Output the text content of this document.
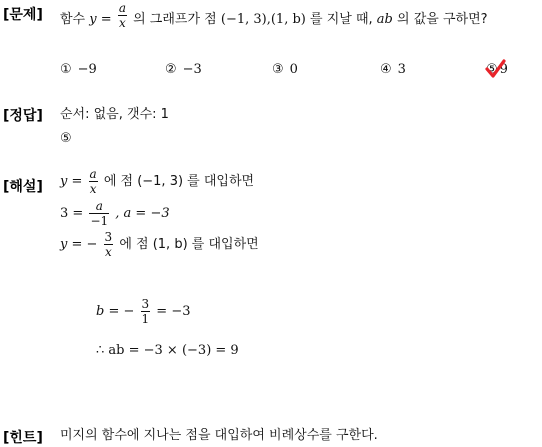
[문제] 함수 $y = \frac{a}{x}$ 의 그래프가 점 (−1, 3),(1, b) 를 지날 때, ab 의 값을 구하면?
① −9	② −3	③ 0	④ 3	⑤ 9
[정답] 순서: 없음, 갯수: 1
⑤
[해설] $y = \frac{a}{x}$ 에 점 (−1, 3) 를 대입하면
$3 = \frac{a}{-1}$ , a = −3
y = − $\frac{3}{x}$ 에 점 (1, b) 를 대입하면
b = − $\frac{3}{1} = -3$
∴ ab = −3 × (−3) = 9
[힌트] 미지의 함수에 지나는 점을 대입하여 비례상수를 구한다.
